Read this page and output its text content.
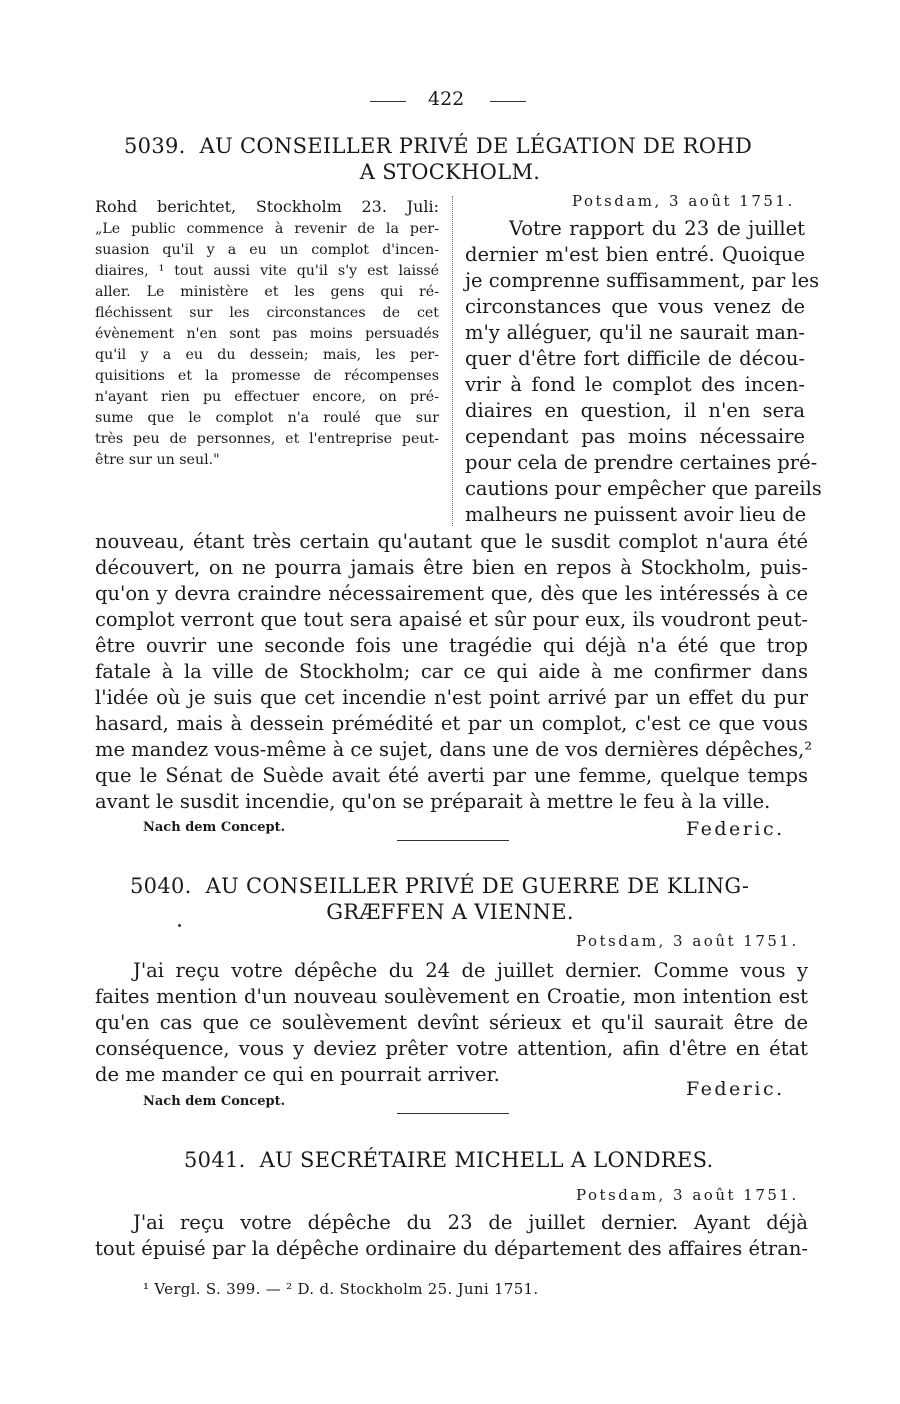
422
5039. AU CONSEILLER PRIVÉ DE LÉGATION DE ROHD
A STOCKHOLM.
Rohd berichtet, Stockholm 23. Juli:
„Le public commence à revenir de la per-
suasion qu'il y a eu un complot d'incen-
diaires, ¹ tout aussi vite qu'il s'y est laissé
aller. Le ministère et les gens qui ré-
fléchissent sur les circonstances de cet
évènement n'en sont pas moins persuadés
qu'il y a eu du dessein; mais, les per-
quisitions et la promesse de récompenses
n'ayant rien pu effectuer encore, on pré-
sume que le complot n'a roulé que sur
très peu de personnes, et l'entreprise peut-
être sur un seul."
Potsdam, 3 août 1751.
Votre rapport du 23 de juillet
dernier m'est bien entré. Quoique
je comprenne suffisamment, par les
circonstances que vous venez de
m'y alléguer, qu'il ne saurait man-
quer d'être fort difficile de décou-
vrir à fond le complot des incen-
diaires en question, il n'en sera
cependant pas moins nécessaire
pour cela de prendre certaines pré-
cautions pour empêcher que pareils
malheurs ne puissent avoir lieu de
nouveau, étant très certain qu'autant que le susdit complot n'aura été
découvert, on ne pourra jamais être bien en repos à Stockholm, puis-
qu'on y devra craindre nécessairement que, dès que les intéressés à ce
complot verront que tout sera apaisé et sûr pour eux, ils voudront peut-
être ouvrir une seconde fois une tragédie qui déjà n'a été que trop
fatale à la ville de Stockholm; car ce qui aide à me confirmer dans
l'idée où je suis que cet incendie n'est point arrivé par un effet du pur
hasard, mais à dessein prémédité et par un complot, c'est ce que vous
me mandez vous-même à ce sujet, dans une de vos dernières dépêches,²
que le Sénat de Suède avait été averti par une femme, quelque temps
avant le susdit incendie, qu'on se préparait à mettre le feu à la ville.
Nach dem Concept.	Federic.
5040. AU CONSEILLER PRIVÉ DE GUERRE DE KLING-
GRÆFFEN A VIENNE.
Potsdam, 3 août 1751.
J'ai reçu votre dépêche du 24 de juillet dernier. Comme vous y
faites mention d'un nouveau soulèvement en Croatie, mon intention est
qu'en cas que ce soulèvement devînt sérieux et qu'il saurait être de
conséquence, vous y deviez prêter votre attention, afin d'être en état
de me mander ce qui en pourrait arriver.
Nach dem Concept.
Federic.
5041. AU SECRÉTAIRE MICHELL A LONDRES.
Potsdam, 3 août 1751.
J'ai reçu votre dépêche du 23 de juillet dernier. Ayant déjà
tout épuisé par la dépêche ordinaire du département des affaires étran-
¹ Vergl. S. 399. — ² D. d. Stockholm 25. Juni 1751.
